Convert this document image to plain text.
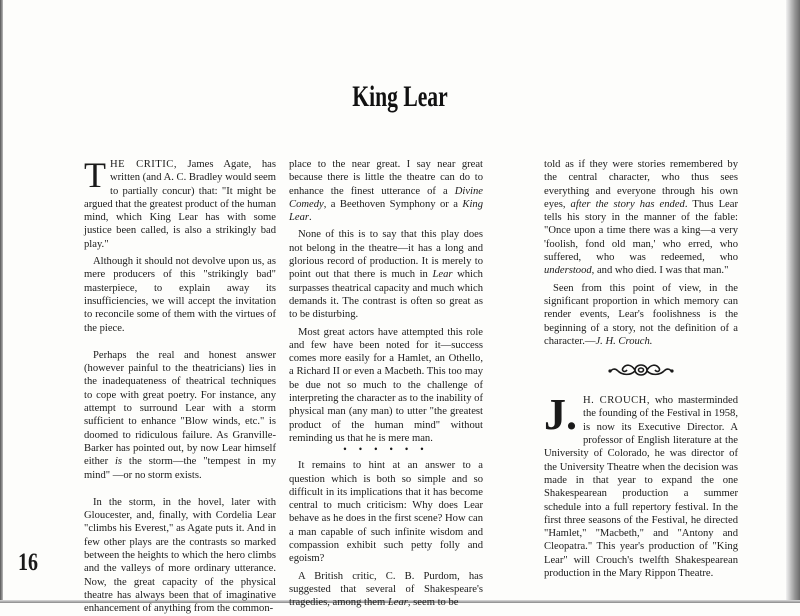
King Lear

THE CRITIC, James Agate, has written (and A. C. Bradley would seem to partially concur) that: "It might be argued that the greatest product of the human mind, which King Lear has with some justice been called, is also a strikingly bad play."

Although it should not devolve upon us, as mere producers of this "strikingly bad" masterpiece, to explain away its insufficiencies, we will accept the invitation to reconcile some of them with the virtues of the piece.

Perhaps the real and honest answer (however painful to the theatricians) lies in the inadequateness of theatrical techniques to cope with great poetry. For instance, any attempt to surround Lear with a storm sufficient to enhance "Blow winds, etc." is doomed to ridiculous failure. As Granville-Barker has pointed out, by now Lear himself either is the storm—the "tempest in my mind" —or no storm exists.

In the storm, in the hovel, later with Gloucester, and, finally, with Cordelia Lear "climbs his Everest," as Agate puts it. And in few other plays are the contrasts so marked between the heights to which the hero climbs and the valleys of more ordinary utterance. Now, the great capacity of the physical theatre has always been that of imaginative enhancement of anything from the common-

place to the near great. I say near great because there is little the theatre can do to enhance the finest utterance of a Divine Comedy, a Beethoven Symphony or a King Lear.

None of this is to say that this play does not belong in the theatre—it has a long and glorious record of production. It is merely to point out that there is much in Lear which surpasses theatrical capacity and much which demands it. The contrast is often so great as to be disturbing.

Most great actors have attempted this role and few have been noted for it—success comes more easily for a Hamlet, an Othello, a Richard II or even a Macbeth. This too may be due not so much to the challenge of interpreting the character as to the inability of physical man (any man) to utter "the greatest product of the human mind" without reminding us that he is mere man.

• • • • • •

It remains to hint at an answer to a question which is both so simple and so difficult in its implications that it has become central to much criticism: Why does Lear behave as he does in the first scene? How can a man capable of such infinite wisdom and compassion exhibit such petty folly and egoism?

A British critic, C. B. Purdom, has suggested that several of Shakespeare's tragedies, among them Lear, seem to be

told as if they were stories remembered by the central character, who thus sees everything and everyone through his own eyes, after the story has ended. Thus Lear tells his story in the manner of the fable: "Once upon a time there was a king—a very 'foolish, fond old man,' who erred, who suffered, who was redeemed, who understood, and who died. I was that man."

Seen from this point of view, in the significant proportion in which memory can render events, Lear's foolishness is the beginning of a story, not the definition of a character.—J. H. Crouch.

J. H. CROUCH, who masterminded the founding of the Festival in 1958, is now its Executive Director. A professor of English literature at the University of Colorado, he was director of the University Theatre when the decision was made in that year to expand the one Shakespearean production a summer schedule into a full repertory festival. In the first three seasons of the Festival, he directed "Hamlet," "Macbeth," and "Antony and Cleopatra." This year's production of "King Lear" will Crouch's twelfth Shakespearean production in the Mary Rippon Theatre.

16
